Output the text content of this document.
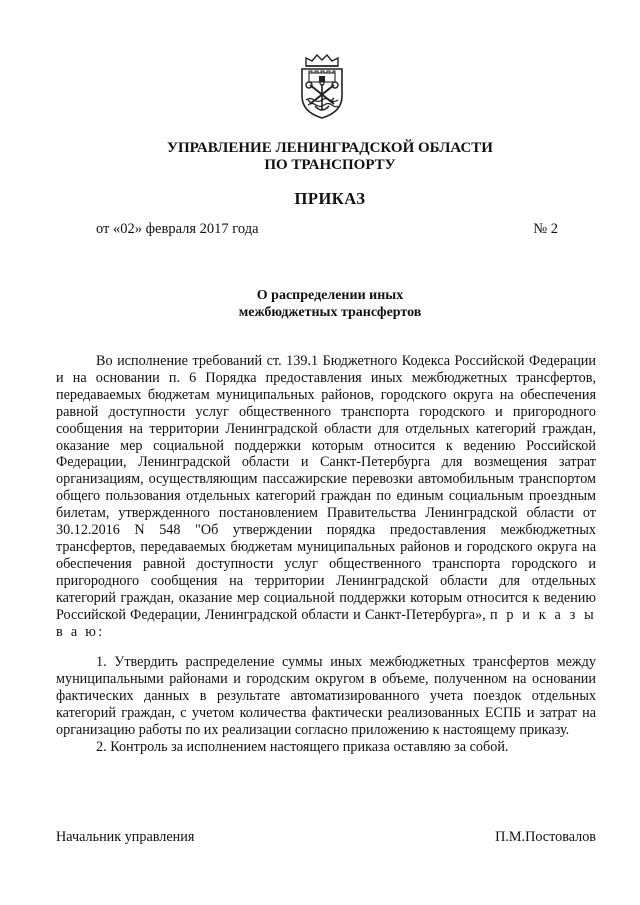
УПРАВЛЕНИЕ ЛЕНИНГРАДСКОЙ ОБЛАСТИ
ПО ТРАНСПОРТУ
ПРИКАЗ
от «02» февраля 2017 года	№ 2
О распределении иных
межбюджетных трансфертов

Во исполнение требований ст. 139.1 Бюджетного Кодекса Российской Федерации и на основании п. 6 Порядка предоставления иных межбюджетных трансфертов, передаваемых бюджетам муниципальных районов, городского округа на обеспечения равной доступности услуг общественного транспорта городского и пригородного сообщения на территории Ленинградской области для отдельных категорий граждан, оказание мер социальной поддержки которым относится к ведению Российской Федерации, Ленинградской области и Санкт-Петербурга для возмещения затрат организациям, осуществляющим пассажирские перевозки автомобильным транспортом общего пользования отдельных категорий граждан по единым социальным проездным билетам, утвержденного постановлением Правительства Ленинградской области от 30.12.2016 N 548 "Об утверждении порядка предоставления межбюджетных трансфертов, передаваемых бюджетам муниципальных районов и городского округа на обеспечения равной доступности услуг общественного транспорта городского и пригородного сообщения на территории Ленинградской области для отдельных категорий граждан, оказание мер социальной поддержки которым относится к ведению Российской Федерации, Ленинградской области и Санкт-Петербурга», п р и к а з ы в а ю:

1. Утвердить распределение суммы иных межбюджетных трансфертов между муниципальными районами и городским округом в объеме, полученном на основании фактических данных в результате автоматизированного учета поездок отдельных категорий граждан, с учетом количества фактически реализованных ЕСПБ и затрат на организацию работы по их реализации согласно приложению к настоящему приказу.

2. Контроль за исполнением настоящего приказа оставляю за собой.

Начальник управления	П.М.Постовалов
